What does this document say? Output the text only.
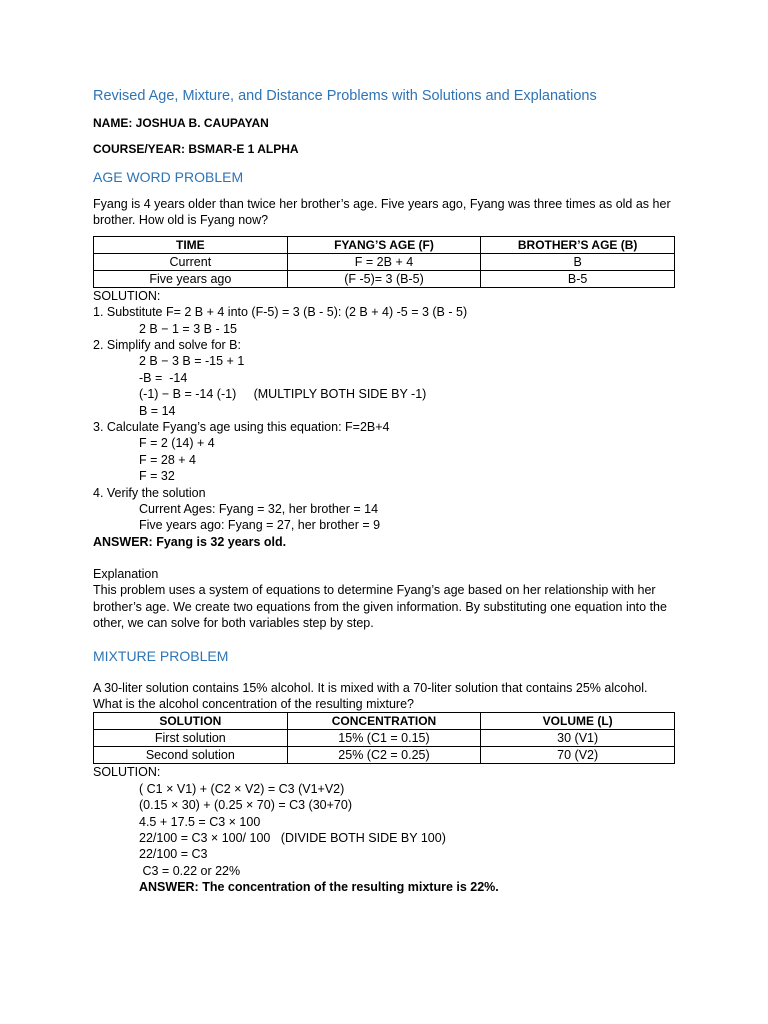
Revised Age, Mixture, and Distance Problems with Solutions and Explanations
NAME: JOSHUA B. CAUPAYAN
COURSE/YEAR: BSMAR-E 1 ALPHA
AGE WORD PROBLEM

Fyang is 4 years older than twice her brother’s age. Five years ago, Fyang was three times as old as her brother. How old is Fyang now?

TIME	FYANG’S AGE (F)	BROTHER’S AGE (B)
Current	F = 2B + 4	B
Five years ago	(F -5)= 3 (B-5)	B-5
SOLUTION:
1. Substitute F= 2 B + 4 into (F-5) = 3 (B - 5): (2 B + 4) -5 = 3 (B - 5)
2 B − 1 = 3 B - 15
2. Simplify and solve for B:
2 B − 3 B = -15 + 1
-B =  -14
(-1) − B = -14 (-1)     (MULTIPLY BOTH SIDE BY -1)
B = 14
3. Calculate Fyang’s age using this equation: F=2B+4
F = 2 (14) + 4
F = 28 + 4
F = 32
4. Verify the solution
Current Ages: Fyang = 32, her brother = 14
Five years ago: Fyang = 27, her brother = 9
ANSWER: Fyang is 32 years old.
Explanation

This problem uses a system of equations to determine Fyang’s age based on her relationship with her brother’s age. We create two equations from the given information. By substituting one equation into the other, we can solve for both variables step by step.

MIXTURE PROBLEM

A 30-liter solution contains 15% alcohol. It is mixed with a 70-liter solution that contains 25% alcohol. What is the alcohol concentration of the resulting mixture?

SOLUTION	CONCENTRATION	VOLUME (L)
First solution	15% (C1 = 0.15)	30 (V1)
Second solution	25% (C2 = 0.25)	70 (V2)
SOLUTION:
( C1 × V1) + (C2 × V2) = C3 (V1+V2)
(0.15 × 30) + (0.25 × 70) = C3 (30+70)
4.5 + 17.5 = C3 × 100
22/100 = C3 × 100/ 100   (DIVIDE BOTH SIDE BY 100)
22/100 = C3
C3 = 0.22 or 22%
ANSWER: The concentration of the resulting mixture is 22%.
